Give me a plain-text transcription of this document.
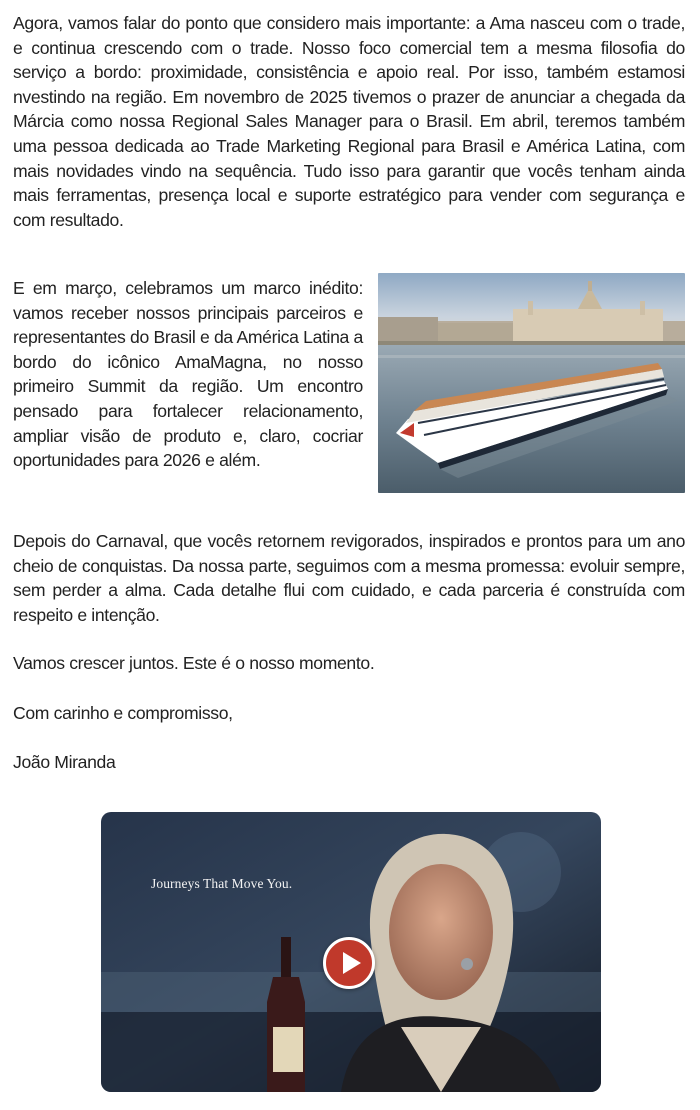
Agora, vamos falar do ponto que considero mais importante: a Ama nasceu com o trade, e continua crescendo com o trade. Nosso foco comercial tem a mesma filosofia do serviço a bordo: proximidade, consistência e apoio real. Por isso, também estamosi nvestindo na região. Em novembro de 2025 tivemos o prazer de anunciar a chegada da Márcia como nossa Regional Sales Manager para o Brasil. Em abril, teremos também uma pessoa dedicada ao Trade Marketing Regional para Brasil e América Latina, com mais novidades vindo na sequência. Tudo isso para garantir que vocês tenham ainda mais ferramentas, presença local e suporte estratégico para vender com segurança e com resultado.

E em março, celebramos um marco inédito: vamos receber nossos principais parceiros e representantes do Brasil e da América Latina a bordo do icônico AmaMagna, no nosso primeiro Summit da região. Um encontro pensado para fortalecer relacionamento, ampliar visão de produto e, claro, cocriar oportunidades para 2026 e além.

Depois do Carnaval, que vocês retornem revigorados, inspirados e prontos para um ano cheio de conquistas. Da nossa parte, seguimos com a mesma promessa: evoluir sempre, sem perder a alma. Cada detalhe flui com cuidado, e cada parceria é construída com respeito e intenção.

Vamos crescer juntos. Este é o nosso momento.

Com carinho e compromisso,

João Miranda

Journeys That Move You.
